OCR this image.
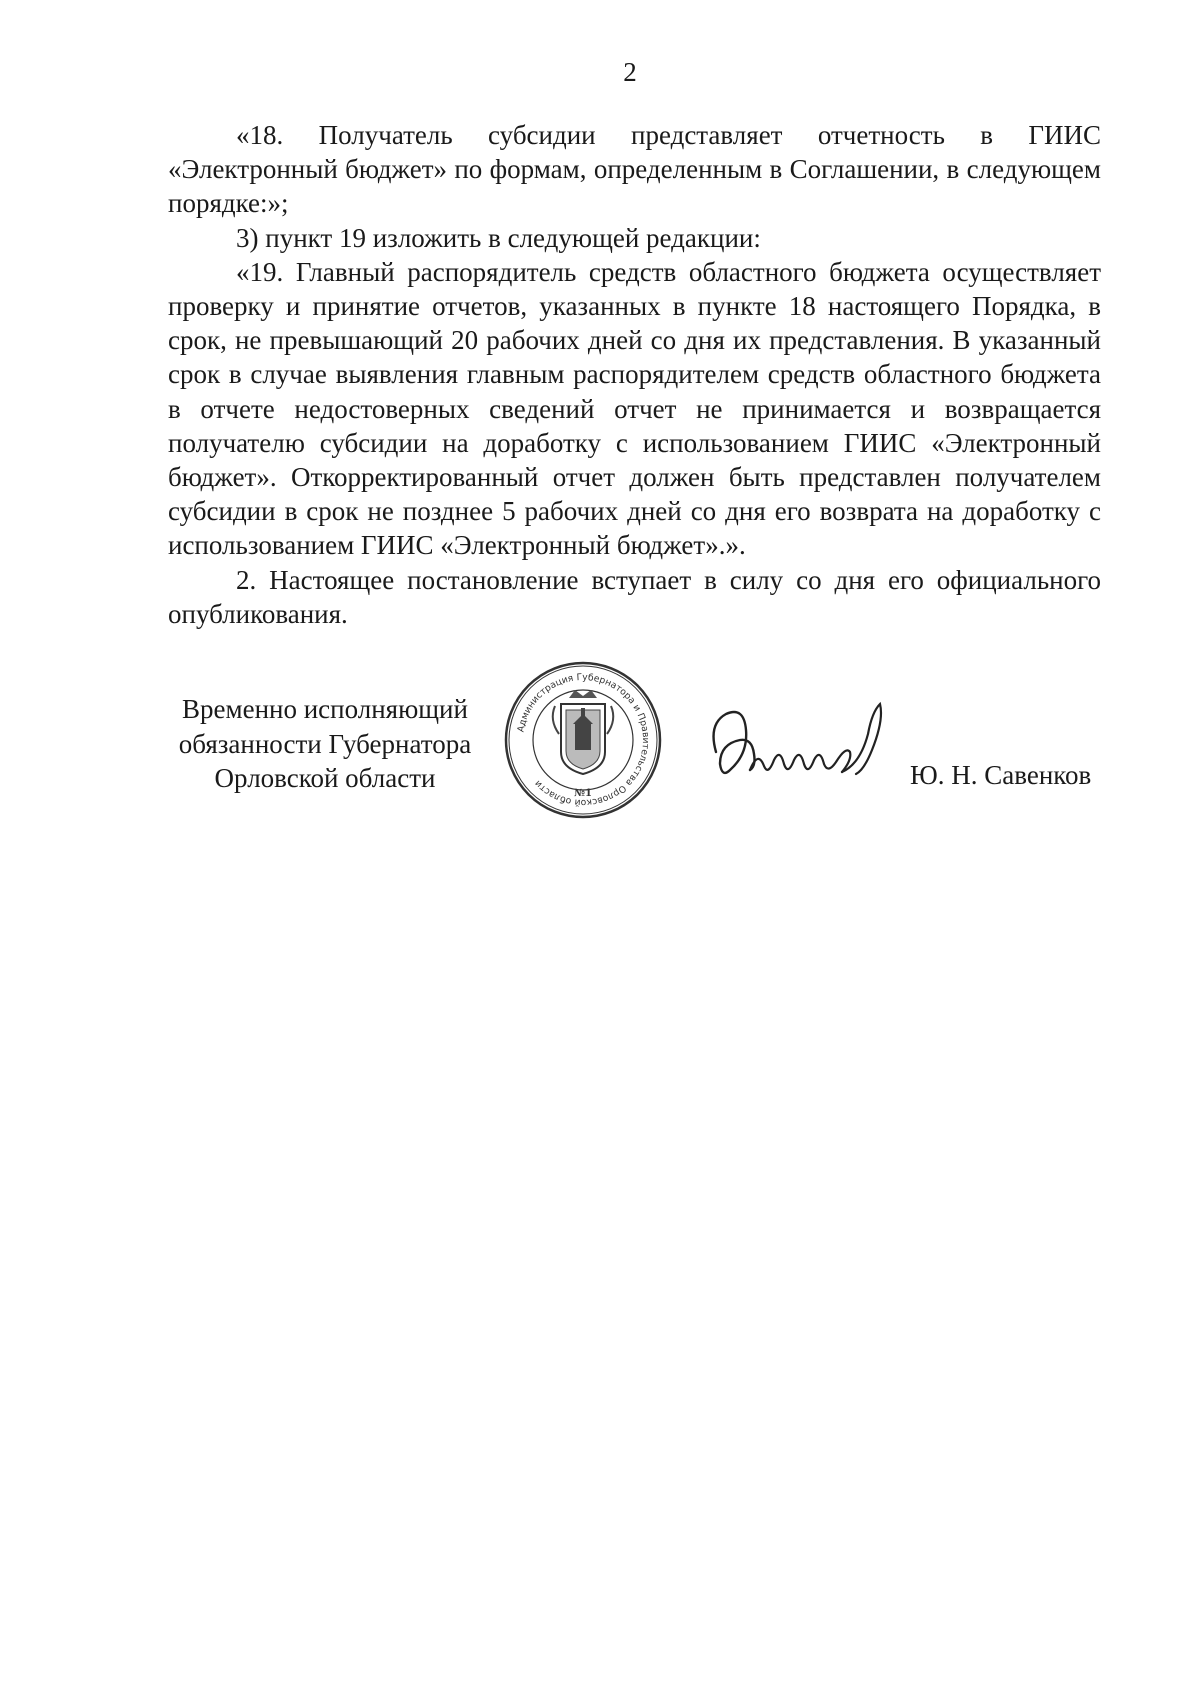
2

«18. Получатель субсидии представляет отчетность в ГИИС «Электронный бюджет» по формам, определенным в Соглашении, в следующем порядке:»;

3) пункт 19 изложить в следующей редакции:

«19. Главный распорядитель средств областного бюджета осуществляет проверку и принятие отчетов, указанных в пункте 18 настоящего Порядка, в срок, не превышающий 20 рабочих дней со дня их представления. В указанный срок в случае выявления главным распорядителем средств областного бюджета в отчете недостоверных сведений отчет не принимается и возвращается получателю субсидии на доработку с использованием ГИИС «Электронный бюджет». Откорректированный отчет должен быть представлен получателем субсидии в срок не позднее 5 рабочих дней со дня его возврата на доработку с использованием ГИИС «Электронный бюджет».».

2. Настоящее постановление вступает в силу со дня его официального опубликования.

Временно исполняющий
обязанности Губернатора
Орловской области
Администрация Губернатора и Правительства Орловской области
№1
Ю. Н. Савенков
